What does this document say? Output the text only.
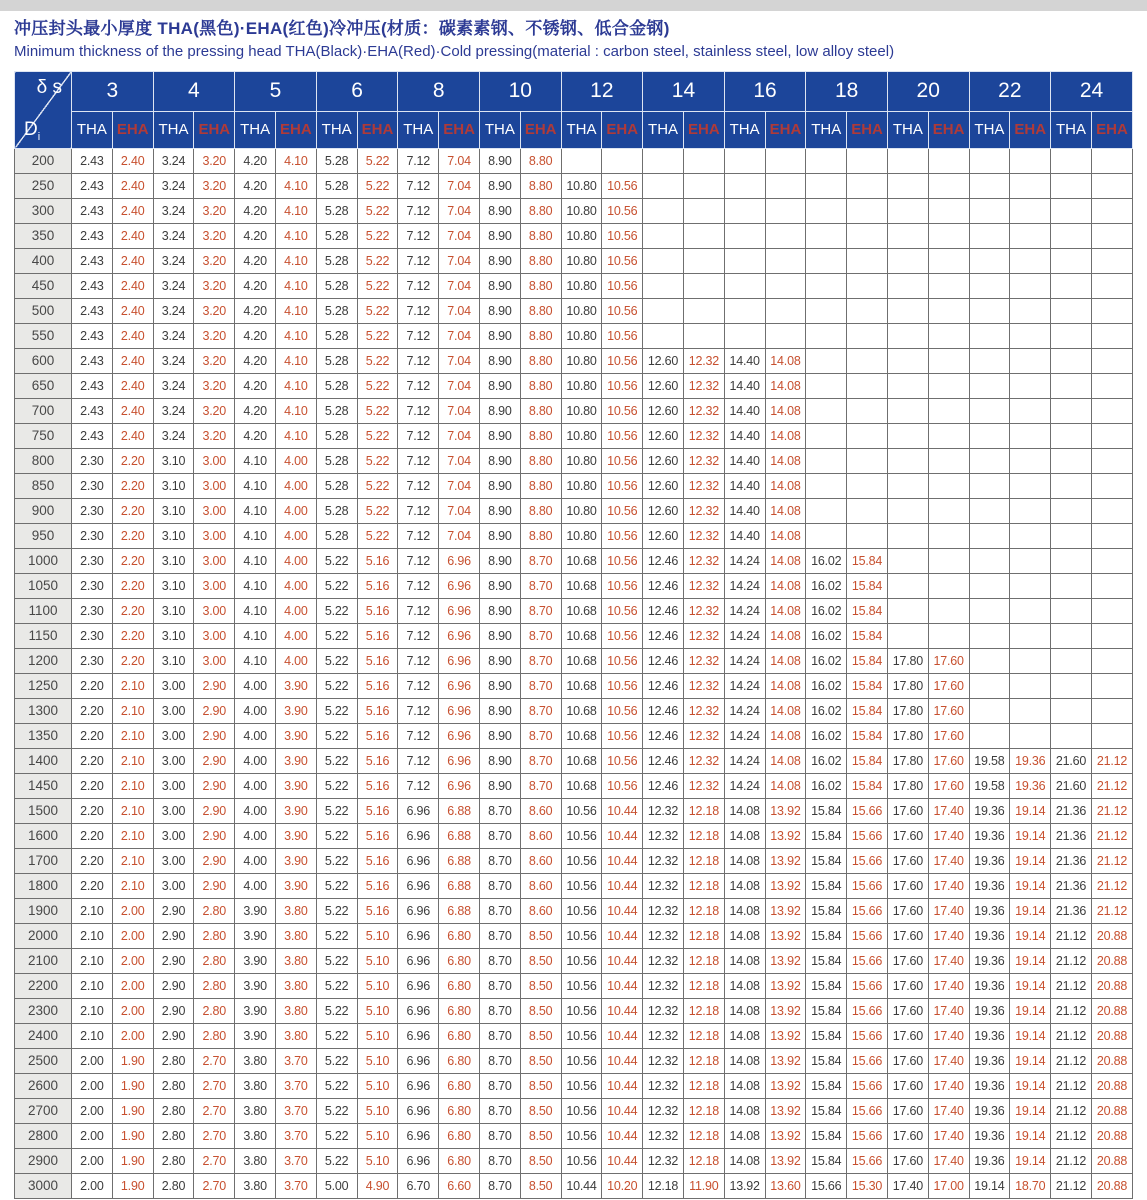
冲压封头最小厚度 THA(黑色)·EHA(红色)冷冲压(材质：碳素素钢、不锈钢、低合金钢)
Minimum thickness of the pressing head THA(Black)·EHA(Red)·Cold pressing(material : carbon steel, stainless steel, low alloy steel)
δ s
$D_i$	3		4		5		6		8		10		12		14		16		18		20		22		24	
	THA	EHA	THA	EHA	THA	EHA	THA	EHA	THA	EHA	THA	EHA	THA	EHA	THA	EHA	THA	EHA	THA	EHA	THA	EHA	THA	EHA	THA	EHA
200	2.43	2.40	3.24	3.20	4.20	4.10	5.28	5.22	7.12	7.04	8.90	8.80														
250	2.43	2.40	3.24	3.20	4.20	4.10	5.28	5.22	7.12	7.04	8.90	8.80	10.80	10.56												
300	2.43	2.40	3.24	3.20	4.20	4.10	5.28	5.22	7.12	7.04	8.90	8.80	10.80	10.56												
350	2.43	2.40	3.24	3.20	4.20	4.10	5.28	5.22	7.12	7.04	8.90	8.80	10.80	10.56												
400	2.43	2.40	3.24	3.20	4.20	4.10	5.28	5.22	7.12	7.04	8.90	8.80	10.80	10.56												
450	2.43	2.40	3.24	3.20	4.20	4.10	5.28	5.22	7.12	7.04	8.90	8.80	10.80	10.56												
500	2.43	2.40	3.24	3.20	4.20	4.10	5.28	5.22	7.12	7.04	8.90	8.80	10.80	10.56												
550	2.43	2.40	3.24	3.20	4.20	4.10	5.28	5.22	7.12	7.04	8.90	8.80	10.80	10.56												
600	2.43	2.40	3.24	3.20	4.20	4.10	5.28	5.22	7.12	7.04	8.90	8.80	10.80	10.56	12.60	12.32	14.40	14.08								
650	2.43	2.40	3.24	3.20	4.20	4.10	5.28	5.22	7.12	7.04	8.90	8.80	10.80	10.56	12.60	12.32	14.40	14.08								
700	2.43	2.40	3.24	3.20	4.20	4.10	5.28	5.22	7.12	7.04	8.90	8.80	10.80	10.56	12.60	12.32	14.40	14.08								
750	2.43	2.40	3.24	3.20	4.20	4.10	5.28	5.22	7.12	7.04	8.90	8.80	10.80	10.56	12.60	12.32	14.40	14.08								
800	2.30	2.20	3.10	3.00	4.10	4.00	5.28	5.22	7.12	7.04	8.90	8.80	10.80	10.56	12.60	12.32	14.40	14.08								
850	2.30	2.20	3.10	3.00	4.10	4.00	5.28	5.22	7.12	7.04	8.90	8.80	10.80	10.56	12.60	12.32	14.40	14.08								
900	2.30	2.20	3.10	3.00	4.10	4.00	5.28	5.22	7.12	7.04	8.90	8.80	10.80	10.56	12.60	12.32	14.40	14.08								
950	2.30	2.20	3.10	3.00	4.10	4.00	5.28	5.22	7.12	7.04	8.90	8.80	10.80	10.56	12.60	12.32	14.40	14.08								
1000	2.30	2.20	3.10	3.00	4.10	4.00	5.22	5.16	7.12	6.96	8.90	8.70	10.68	10.56	12.46	12.32	14.24	14.08	16.02	15.84						
1050	2.30	2.20	3.10	3.00	4.10	4.00	5.22	5.16	7.12	6.96	8.90	8.70	10.68	10.56	12.46	12.32	14.24	14.08	16.02	15.84						
1100	2.30	2.20	3.10	3.00	4.10	4.00	5.22	5.16	7.12	6.96	8.90	8.70	10.68	10.56	12.46	12.32	14.24	14.08	16.02	15.84						
1150	2.30	2.20	3.10	3.00	4.10	4.00	5.22	5.16	7.12	6.96	8.90	8.70	10.68	10.56	12.46	12.32	14.24	14.08	16.02	15.84						
1200	2.30	2.20	3.10	3.00	4.10	4.00	5.22	5.16	7.12	6.96	8.90	8.70	10.68	10.56	12.46	12.32	14.24	14.08	16.02	15.84	17.80	17.60				
1250	2.20	2.10	3.00	2.90	4.00	3.90	5.22	5.16	7.12	6.96	8.90	8.70	10.68	10.56	12.46	12.32	14.24	14.08	16.02	15.84	17.80	17.60				
1300	2.20	2.10	3.00	2.90	4.00	3.90	5.22	5.16	7.12	6.96	8.90	8.70	10.68	10.56	12.46	12.32	14.24	14.08	16.02	15.84	17.80	17.60				
1350	2.20	2.10	3.00	2.90	4.00	3.90	5.22	5.16	7.12	6.96	8.90	8.70	10.68	10.56	12.46	12.32	14.24	14.08	16.02	15.84	17.80	17.60				
1400	2.20	2.10	3.00	2.90	4.00	3.90	5.22	5.16	7.12	6.96	8.90	8.70	10.68	10.56	12.46	12.32	14.24	14.08	16.02	15.84	17.80	17.60	19.58	19.36	21.60	21.12
1450	2.20	2.10	3.00	2.90	4.00	3.90	5.22	5.16	7.12	6.96	8.90	8.70	10.68	10.56	12.46	12.32	14.24	14.08	16.02	15.84	17.80	17.60	19.58	19.36	21.60	21.12
1500	2.20	2.10	3.00	2.90	4.00	3.90	5.22	5.16	6.96	6.88	8.70	8.60	10.56	10.44	12.32	12.18	14.08	13.92	15.84	15.66	17.60	17.40	19.36	19.14	21.36	21.12
1600	2.20	2.10	3.00	2.90	4.00	3.90	5.22	5.16	6.96	6.88	8.70	8.60	10.56	10.44	12.32	12.18	14.08	13.92	15.84	15.66	17.60	17.40	19.36	19.14	21.36	21.12
1700	2.20	2.10	3.00	2.90	4.00	3.90	5.22	5.16	6.96	6.88	8.70	8.60	10.56	10.44	12.32	12.18	14.08	13.92	15.84	15.66	17.60	17.40	19.36	19.14	21.36	21.12
1800	2.20	2.10	3.00	2.90	4.00	3.90	5.22	5.16	6.96	6.88	8.70	8.60	10.56	10.44	12.32	12.18	14.08	13.92	15.84	15.66	17.60	17.40	19.36	19.14	21.36	21.12
1900	2.10	2.00	2.90	2.80	3.90	3.80	5.22	5.16	6.96	6.88	8.70	8.60	10.56	10.44	12.32	12.18	14.08	13.92	15.84	15.66	17.60	17.40	19.36	19.14	21.36	21.12
2000	2.10	2.00	2.90	2.80	3.90	3.80	5.22	5.10	6.96	6.80	8.70	8.50	10.56	10.44	12.32	12.18	14.08	13.92	15.84	15.66	17.60	17.40	19.36	19.14	21.12	20.88
2100	2.10	2.00	2.90	2.80	3.90	3.80	5.22	5.10	6.96	6.80	8.70	8.50	10.56	10.44	12.32	12.18	14.08	13.92	15.84	15.66	17.60	17.40	19.36	19.14	21.12	20.88
2200	2.10	2.00	2.90	2.80	3.90	3.80	5.22	5.10	6.96	6.80	8.70	8.50	10.56	10.44	12.32	12.18	14.08	13.92	15.84	15.66	17.60	17.40	19.36	19.14	21.12	20.88
2300	2.10	2.00	2.90	2.80	3.90	3.80	5.22	5.10	6.96	6.80	8.70	8.50	10.56	10.44	12.32	12.18	14.08	13.92	15.84	15.66	17.60	17.40	19.36	19.14	21.12	20.88
2400	2.10	2.00	2.90	2.80	3.90	3.80	5.22	5.10	6.96	6.80	8.70	8.50	10.56	10.44	12.32	12.18	14.08	13.92	15.84	15.66	17.60	17.40	19.36	19.14	21.12	20.88
2500	2.00	1.90	2.80	2.70	3.80	3.70	5.22	5.10	6.96	6.80	8.70	8.50	10.56	10.44	12.32	12.18	14.08	13.92	15.84	15.66	17.60	17.40	19.36	19.14	21.12	20.88
2600	2.00	1.90	2.80	2.70	3.80	3.70	5.22	5.10	6.96	6.80	8.70	8.50	10.56	10.44	12.32	12.18	14.08	13.92	15.84	15.66	17.60	17.40	19.36	19.14	21.12	20.88
2700	2.00	1.90	2.80	2.70	3.80	3.70	5.22	5.10	6.96	6.80	8.70	8.50	10.56	10.44	12.32	12.18	14.08	13.92	15.84	15.66	17.60	17.40	19.36	19.14	21.12	20.88
2800	2.00	1.90	2.80	2.70	3.80	3.70	5.22	5.10	6.96	6.80	8.70	8.50	10.56	10.44	12.32	12.18	14.08	13.92	15.84	15.66	17.60	17.40	19.36	19.14	21.12	20.88
2900	2.00	1.90	2.80	2.70	3.80	3.70	5.22	5.10	6.96	6.80	8.70	8.50	10.56	10.44	12.32	12.18	14.08	13.92	15.84	15.66	17.60	17.40	19.36	19.14	21.12	20.88
3000	2.00	1.90	2.80	2.70	3.80	3.70	5.00	4.90	6.70	6.60	8.70	8.50	10.44	10.20	12.18	11.90	13.92	13.60	15.66	15.30	17.40	17.00	19.14	18.70	21.12	20.88
